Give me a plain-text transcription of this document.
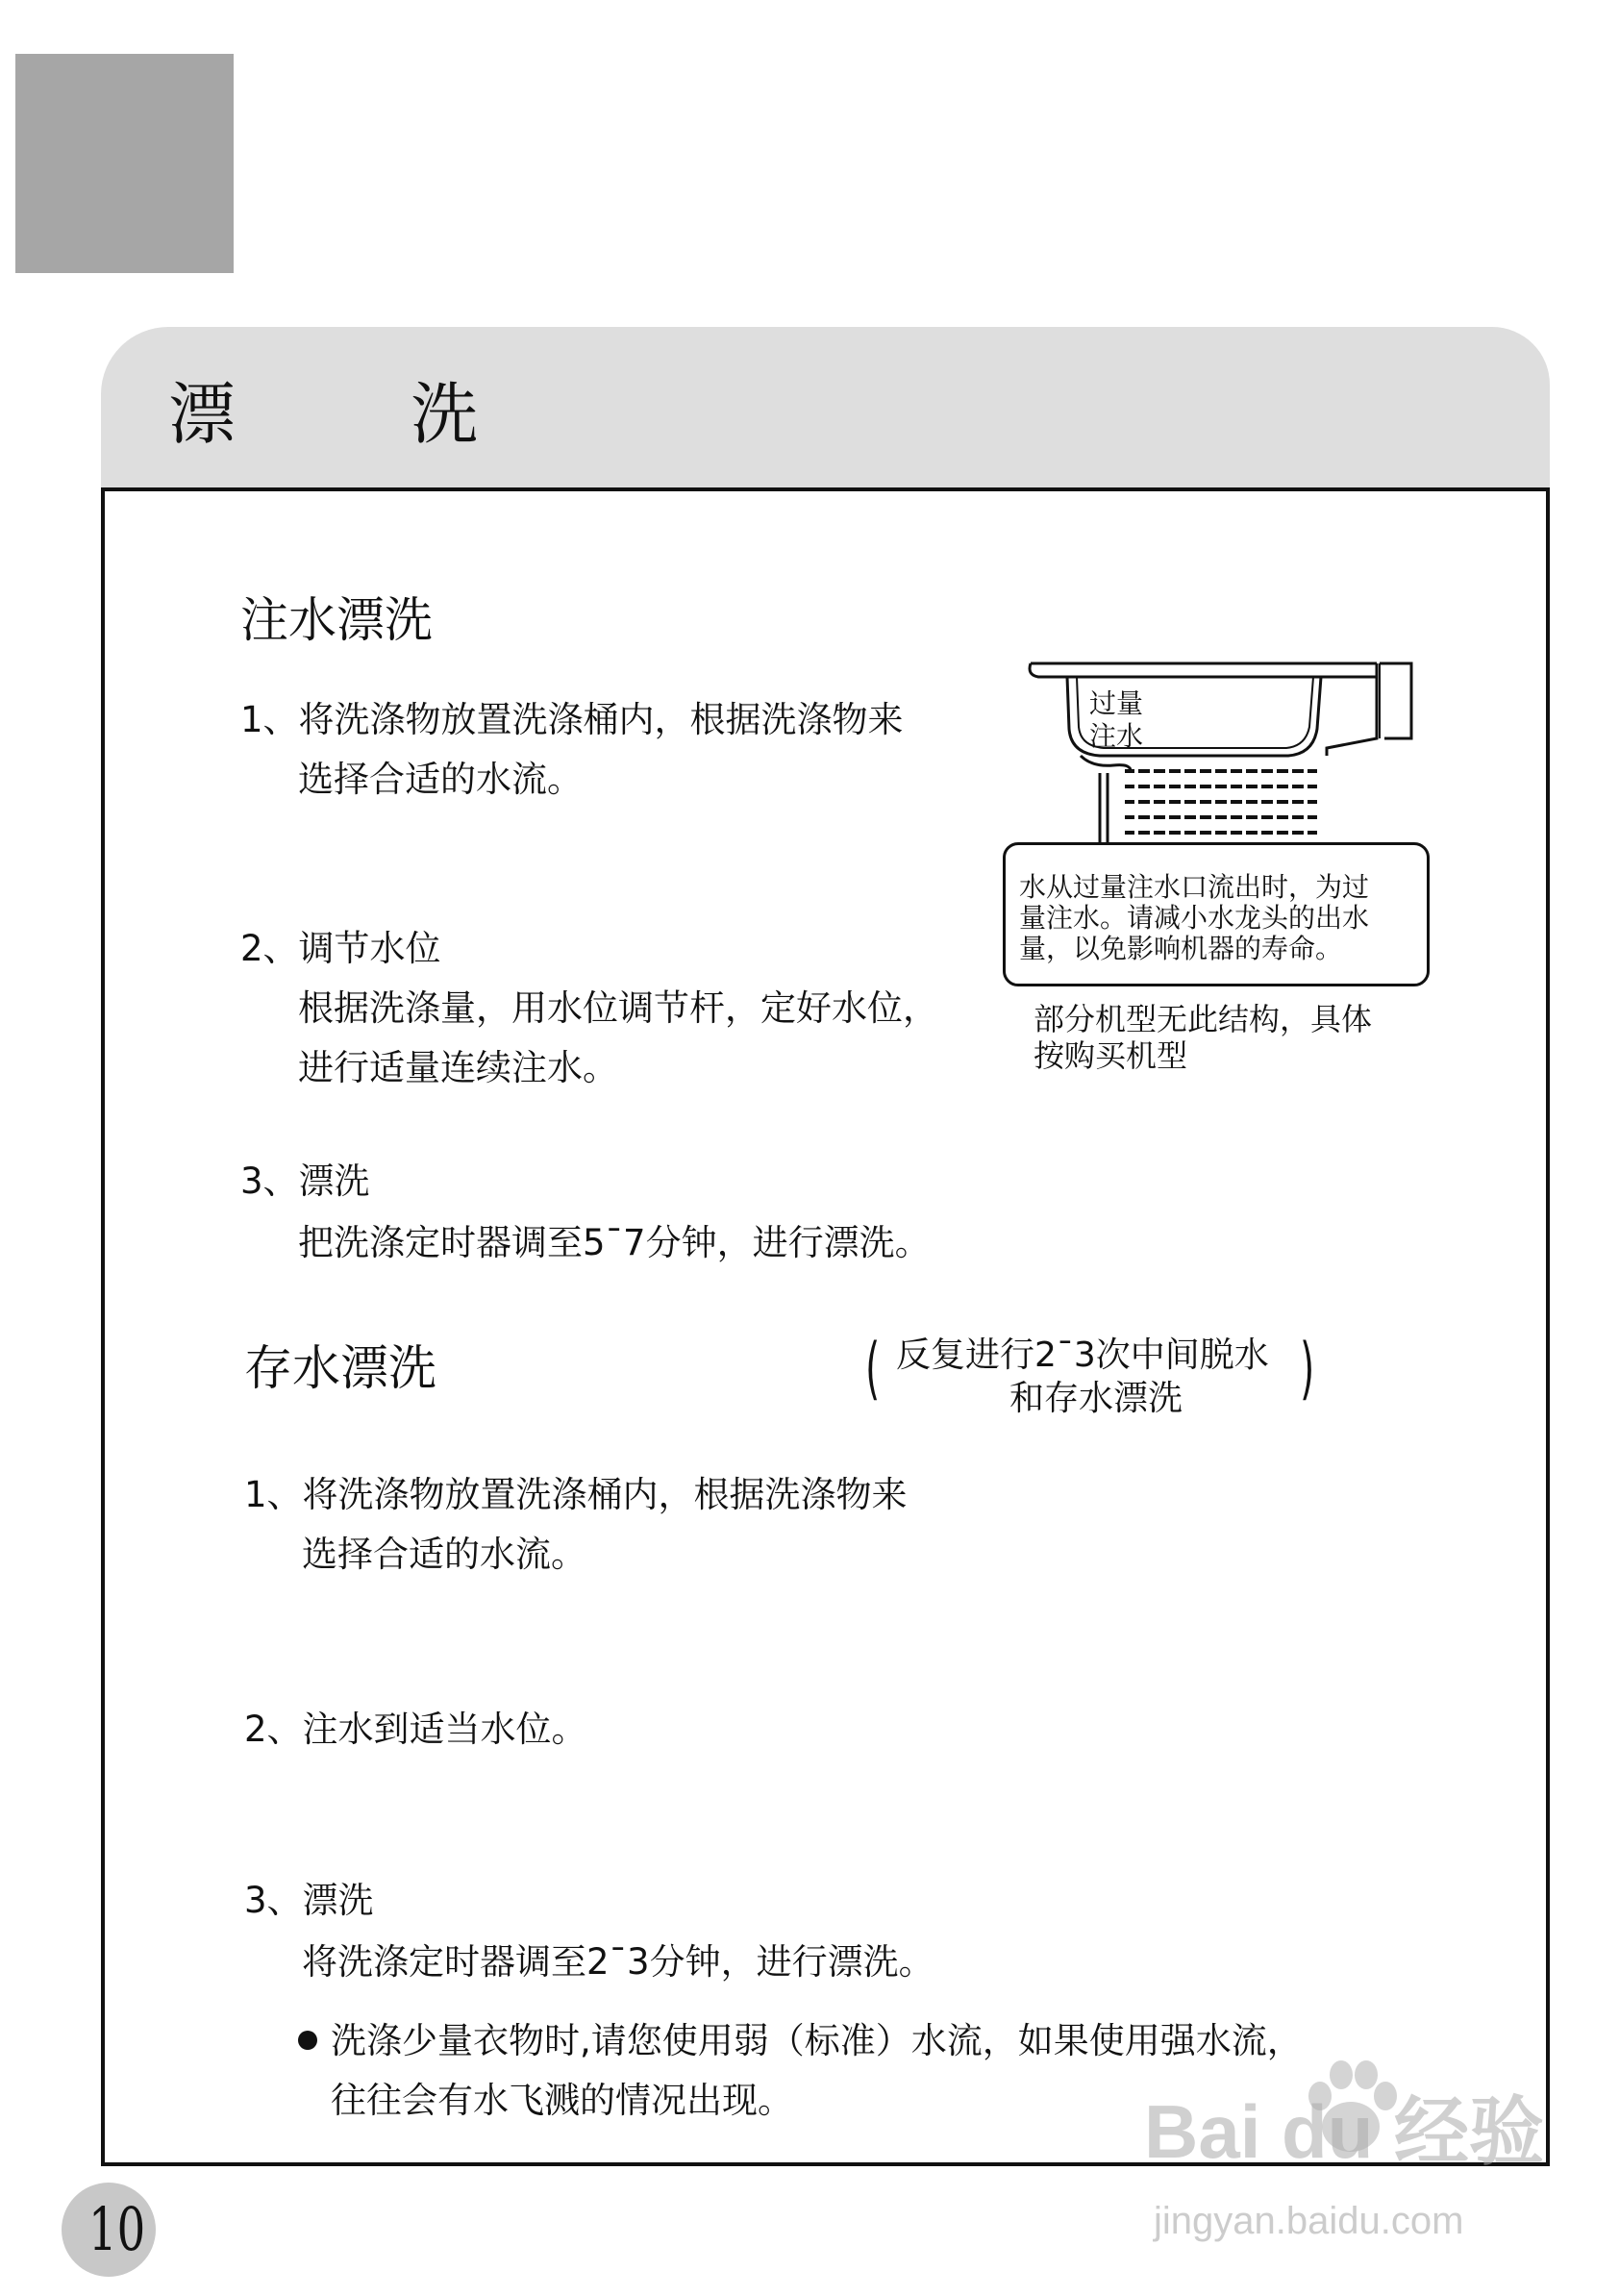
漂 洗
注水漂洗
1、将洗涤物放置洗涤桶内，根据洗涤物来
选择合适的水流。
2、调节水位
根据洗涤量，用水位调节杆，定好水位，
进行适量连续注水。
3、漂洗
把洗涤定时器调至5¯7分钟，进行漂洗。
过量
注水
水从过量注水口流出时，为过
量注水。请减小水龙头的出水
量，以免影响机器的寿命。
部分机型无此结构，具体
按购买机型
存水漂洗	( 反复进行2¯3次中间脱水
和存水漂洗 )
1、将洗涤物放置洗涤桶内，根据洗涤物来
选择合适的水流。
2、注水到适当水位。
3、漂洗
将洗涤定时器调至2¯3分钟，进行漂洗。
洗涤少量衣物时,请您使用弱（标准）水流，如果使用强水流，
往往会有水飞溅的情况出现。
10
Bai du 经验
jingyan.baidu.com
